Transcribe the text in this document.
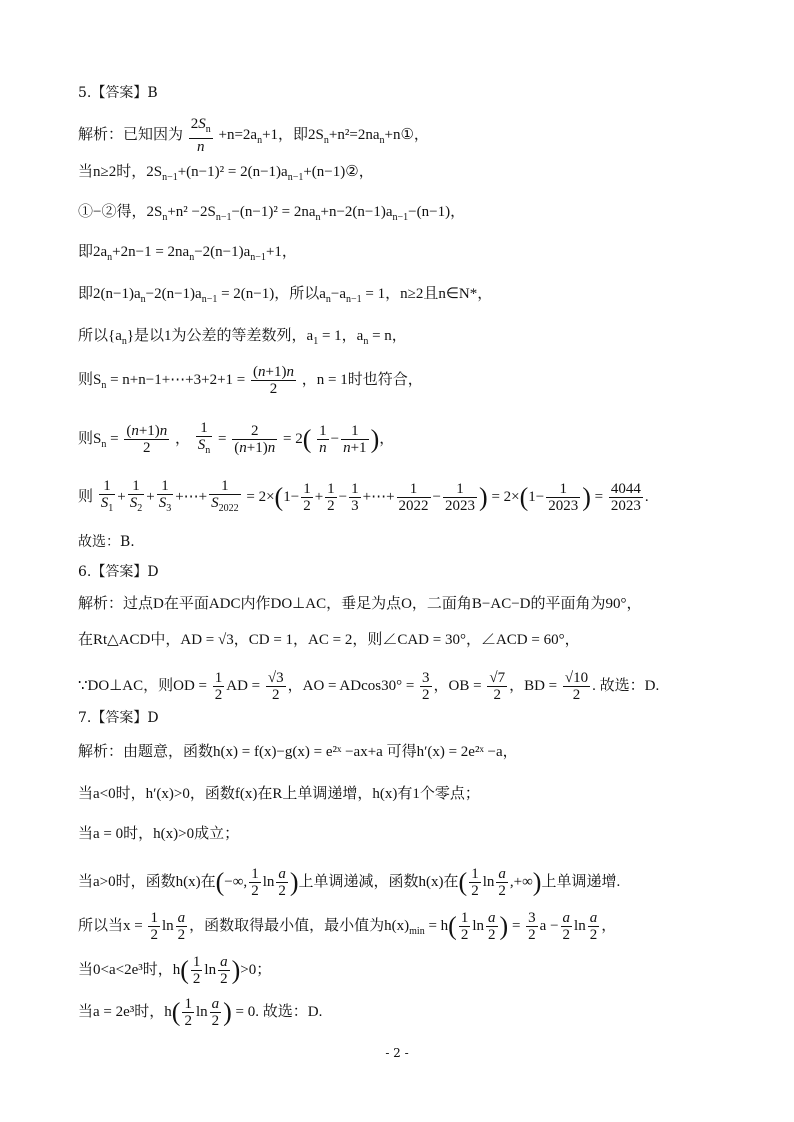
5.【答案】B
解析：已知因为 $\frac{2S_n}{n} +n=2a_n+1$，即$2S_n+n^2=2na_n+n①$，
当n≥2时，$2S_{n-1}+(n-1)^2$ = $2(n-1)a_{n-1}+(n-1)②$，
①−②得，$2S_n+n^2 -2S_{n-1}-(n-1)^2 = 2na_n+n-2(n-1)a_{n-1}-(n-1)$，
即$2a_n+2n-1 = 2na_n-2(n-1)a_{n-1}+1$，
即$2(n-1)a_n-2(n-1)a_{n-1} = 2(n-1)$，所以$a_n-a_{n-1} = 1$，n≥2且n∈N*，
所以$\{a_n\}$是以1为公差的等差数列，$a_1 = 1$，$a_n = n$，
则$S_n$ = n+n−1+⋯+3+2+1 = $\frac{(n+1)n}{2}$ ，n = 1时也符合，
则$S_n = \frac{(n+1)n}{2}$ ， $\frac{1}{S_n} = \frac{2}{(n+1)n} = 2( \frac{1}{n} - \frac{1}{n+1}$ )，
则 $\frac{1}{S_1} + \frac{1}{S_2} + \frac{1}{S_3}$ +⋯+ $\frac{1}{S_{2022}} = 2\times(1- \frac{1}{2} + \frac{1}{2} - \frac{1}{3}$ +⋯+ $\frac{1}{2022} - \frac{1}{2023}$ ) = $2\times(1- \frac{1}{2023}$ ) = $\frac{4044}{2023}$ .
故选：B.
6.【答案】D
解析：过点D在平面ADC内作DO⊥AC，垂足为点O，二面角B−AC−D的平面角为90°，
在Rt△ACD中，AD = √3，CD = 1，AC = 2，则∠CAD = 30°，∠ACD = 60°，
∵DO⊥AC，则OD = $\frac{1}{2}$ AD = $\frac{√3}{2}$ ，AO = $ADcos30^\circ = \frac{3}{2}$ ，OB = $\frac{√7}{2}$ ，BD = $\frac{√10}{2}$ . 故选：D.
7.【答案】D
解析：由题意，函数h(x) = f(x)−g(x) = e²ˣ −ax+a 可得h′(x) = 2e²ˣ −a，
当a<0时，h′(x)>0，函数f(x)在R上单调递增，h(x)有1个零点；
当a = 0时，h(x)>0成立；
当a>0时，函数h(x)在(−∞, $\frac{1}{2}$ $\ln \frac{a}{2}$ )上单调递减，函数h(x)在( $\frac{1}{2}$ $\ln \frac{a}{2}$ ,+∞)上单调递增.
所以当$x = \frac{1}{2}$ $\ln \frac{a}{2}$ ，函数取得最小值，最小值为$h(x)_{min} = h( \frac{1}{2}$ $\ln \frac{a}{2}$ ) = $\frac{3}{2}$ $a - \frac{a}{2}$ $\ln \frac{a}{2}$ ，
当0<a<2e³时，$h( \frac{1}{2}$ $\ln \frac{a}{2} )>0$；
当a = 2e³时，$h( \frac{1}{2}$ $\ln \frac{a}{2}$ ) = 0. 故选：D.
- 2 -
